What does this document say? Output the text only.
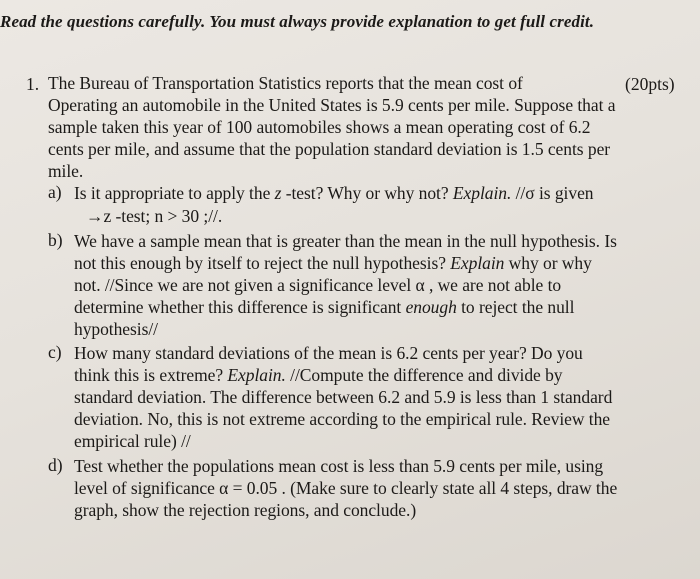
Read the questions carefully. You must always provide explanation to get full credit.
1.	(20pts)
The Bureau of Transportation Statistics reports that the mean cost of
Operating an automobile in the United States is 5.9 cents per mile. Suppose that a
sample taken this year of 100 automobiles shows a mean operating cost of 6.2
cents per mile, and assume that the population standard deviation is 1.5 cents per
mile.
a) Is it appropriate to apply the z -test? Why or why not? Explain. //σ is given
→z -test; n > 30 ;//.
b) We have a sample mean that is greater than the mean in the null hypothesis. Is
not this enough by itself to reject the null hypothesis? Explain why or why
not. //Since we are not given a significance level α , we are not able to
determine whether this difference is significant enough to reject the null
hypothesis//
c) How many standard deviations of the mean is 6.2 cents per year? Do you
think this is extreme? Explain. //Compute the difference and divide by
standard deviation. The difference between 6.2 and 5.9 is less than 1 standard
deviation. No, this is not extreme according to the empirical rule. Review the
empirical rule) //
d) Test whether the populations mean cost is less than 5.9 cents per mile, using
level of significance α = 0.05 . (Make sure to clearly state all 4 steps, draw the
graph, show the rejection regions, and conclude.)
